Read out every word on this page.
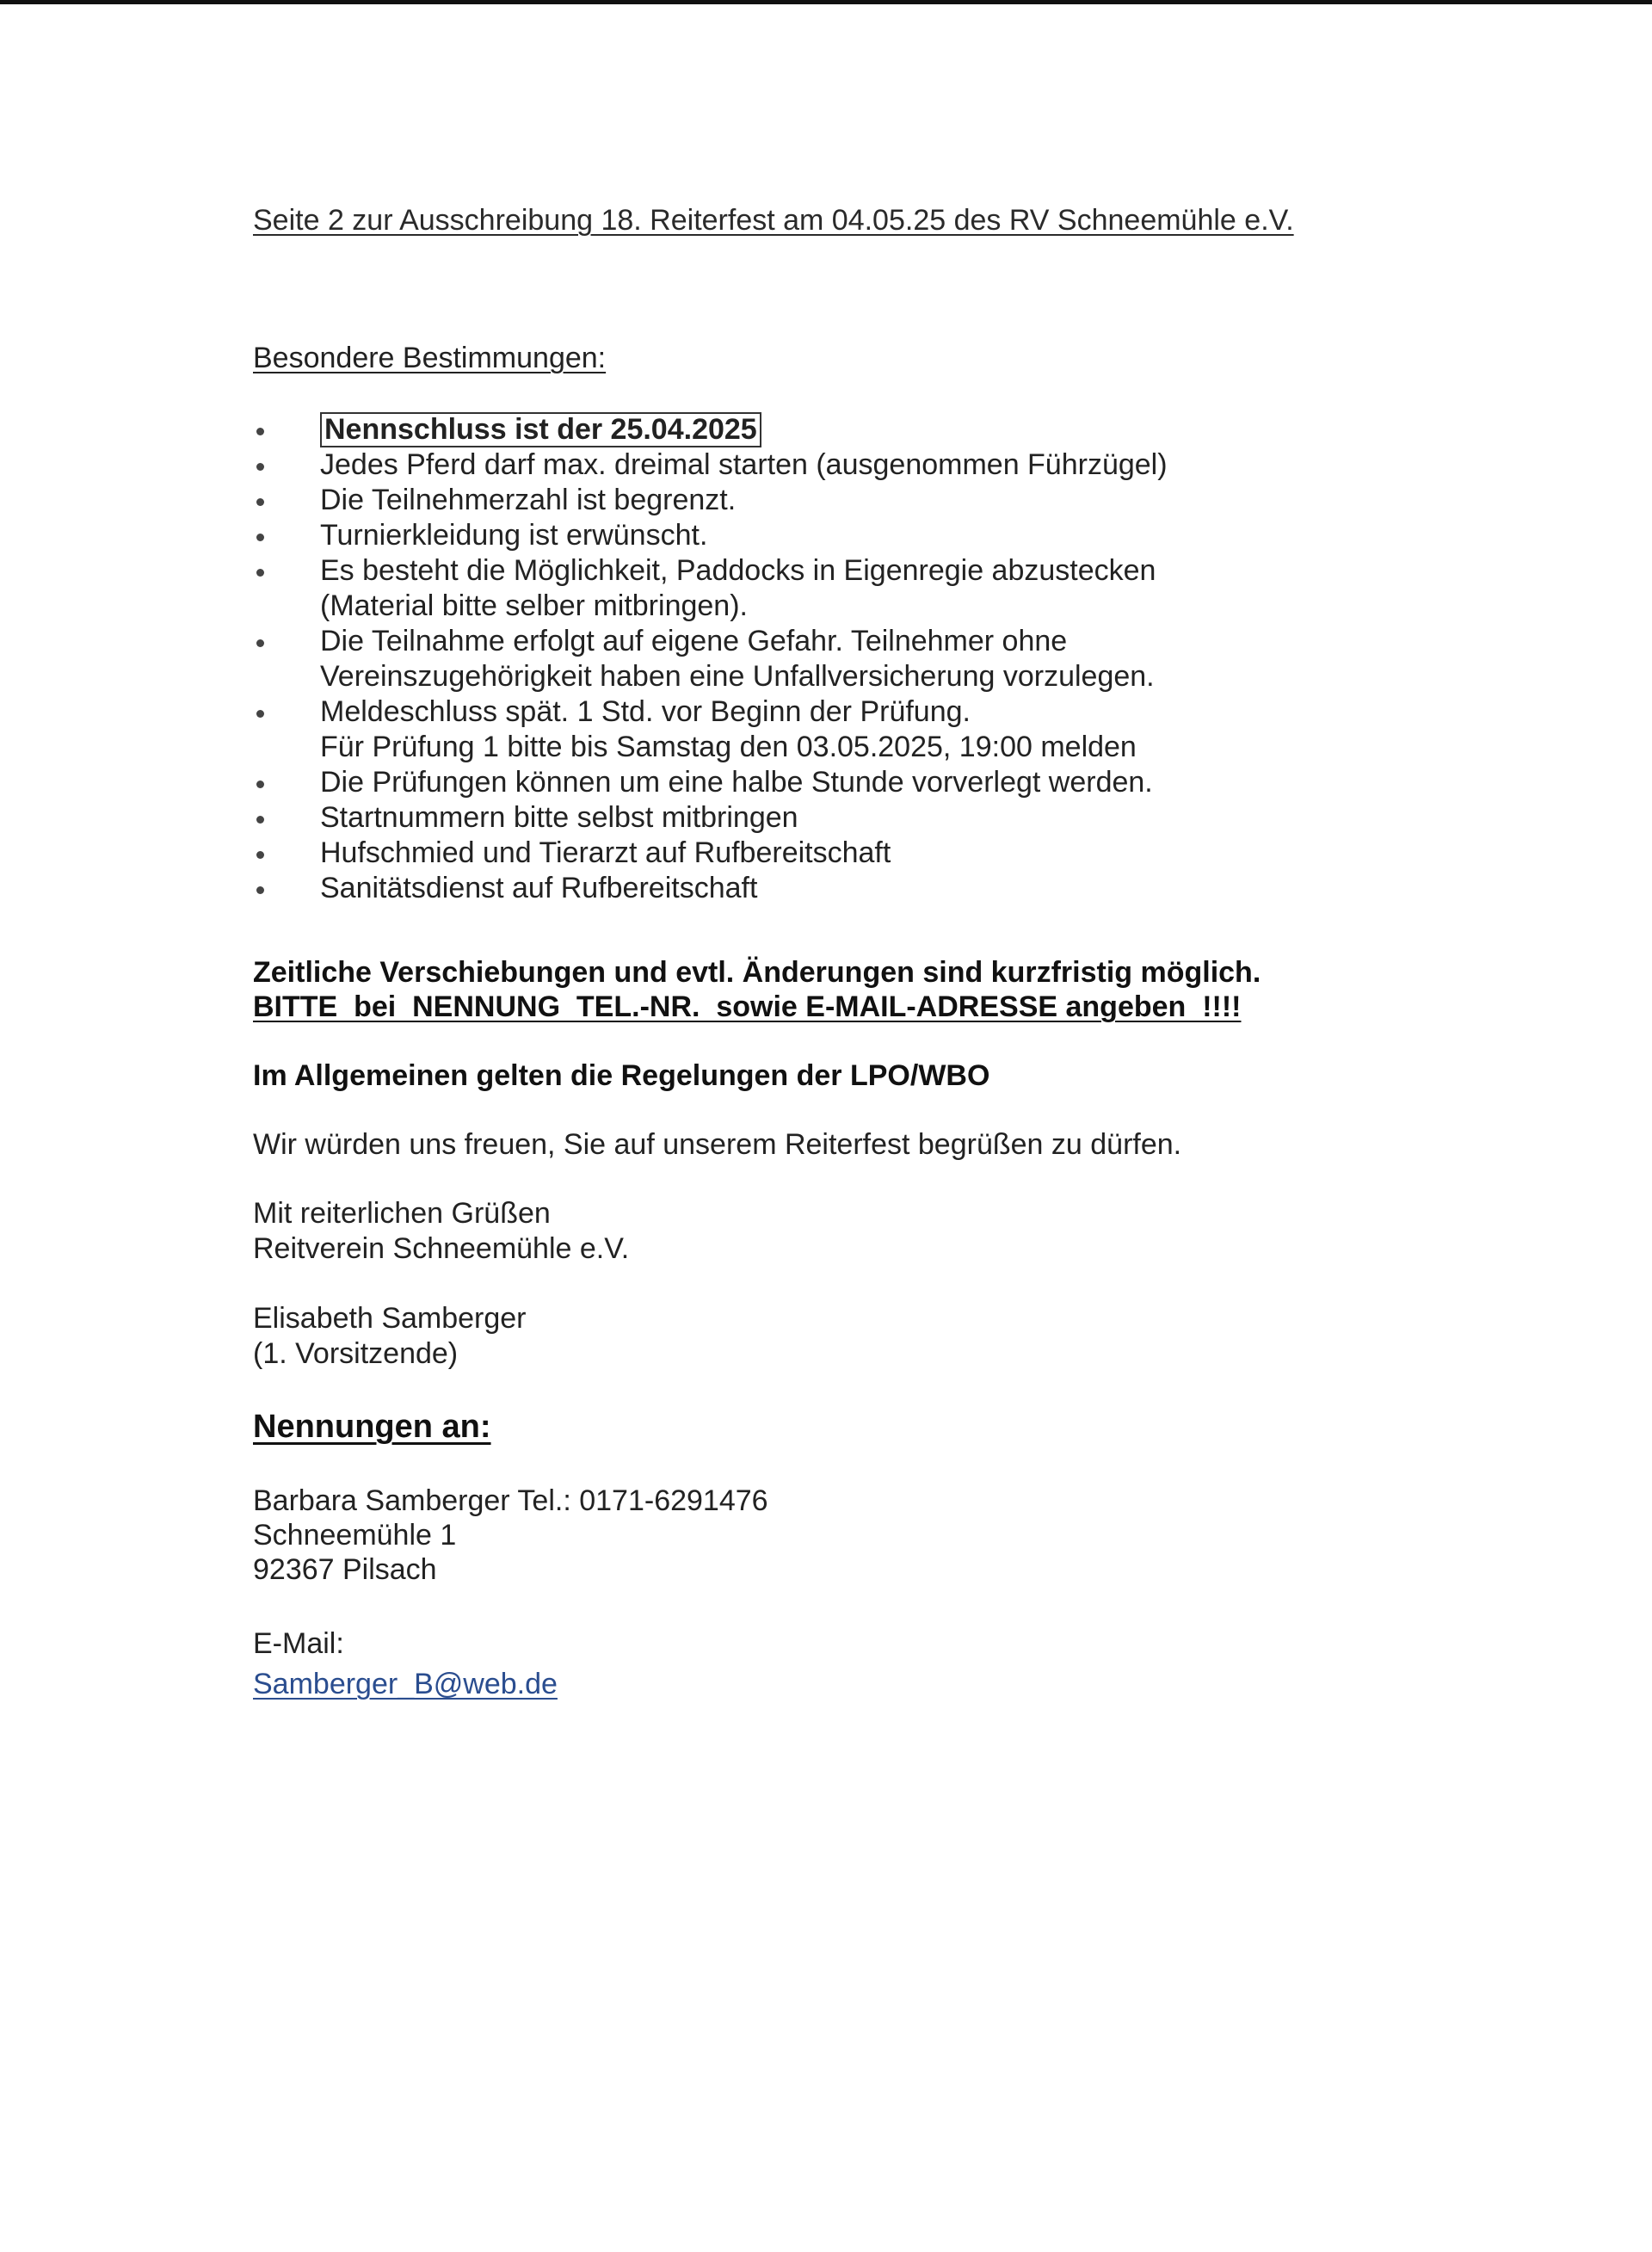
Seite 2 zur Ausschreibung 18. Reiterfest am 04.05.25 des RV Schneemühle e.V.
Besondere Bestimmungen:
Nennschluss ist der 25.04.2025
Jedes Pferd darf max. dreimal starten (ausgenommen Führzügel)
Die Teilnehmerzahl ist begrenzt.
Turnierkleidung ist erwünscht.
Es besteht die Möglichkeit, Paddocks in Eigenregie abzustecken
(Material bitte selber mitbringen).
Die Teilnahme erfolgt auf eigene Gefahr. Teilnehmer ohne
Vereinszugehörigkeit haben eine Unfallversicherung vorzulegen.
Meldeschluss spät. 1 Std. vor Beginn der Prüfung.
Für Prüfung 1 bitte bis Samstag den 03.05.2025, 19:00 melden
Die Prüfungen können um eine halbe Stunde vorverlegt werden.
Startnummern bitte selbst mitbringen
Hufschmied und Tierarzt auf Rufbereitschaft
Sanitätsdienst auf Rufbereitschaft
Zeitliche Verschiebungen und evtl. Änderungen sind kurzfristig möglich.
BITTE  bei  NENNUNG  TEL.-NR.  sowie E-MAIL-ADRESSE angeben  !!!!
Im Allgemeinen gelten die Regelungen der LPO/WBO
Wir würden uns freuen, Sie auf unserem Reiterfest begrüßen zu dürfen.
Mit reiterlichen Grüßen
Reitverein Schneemühle e.V.
Elisabeth Samberger
(1. Vorsitzende)
Nennungen an:
Barbara Samberger Tel.: 0171-6291476
Schneemühle 1
92367 Pilsach
E-Mail:
Samberger_B@web.de
